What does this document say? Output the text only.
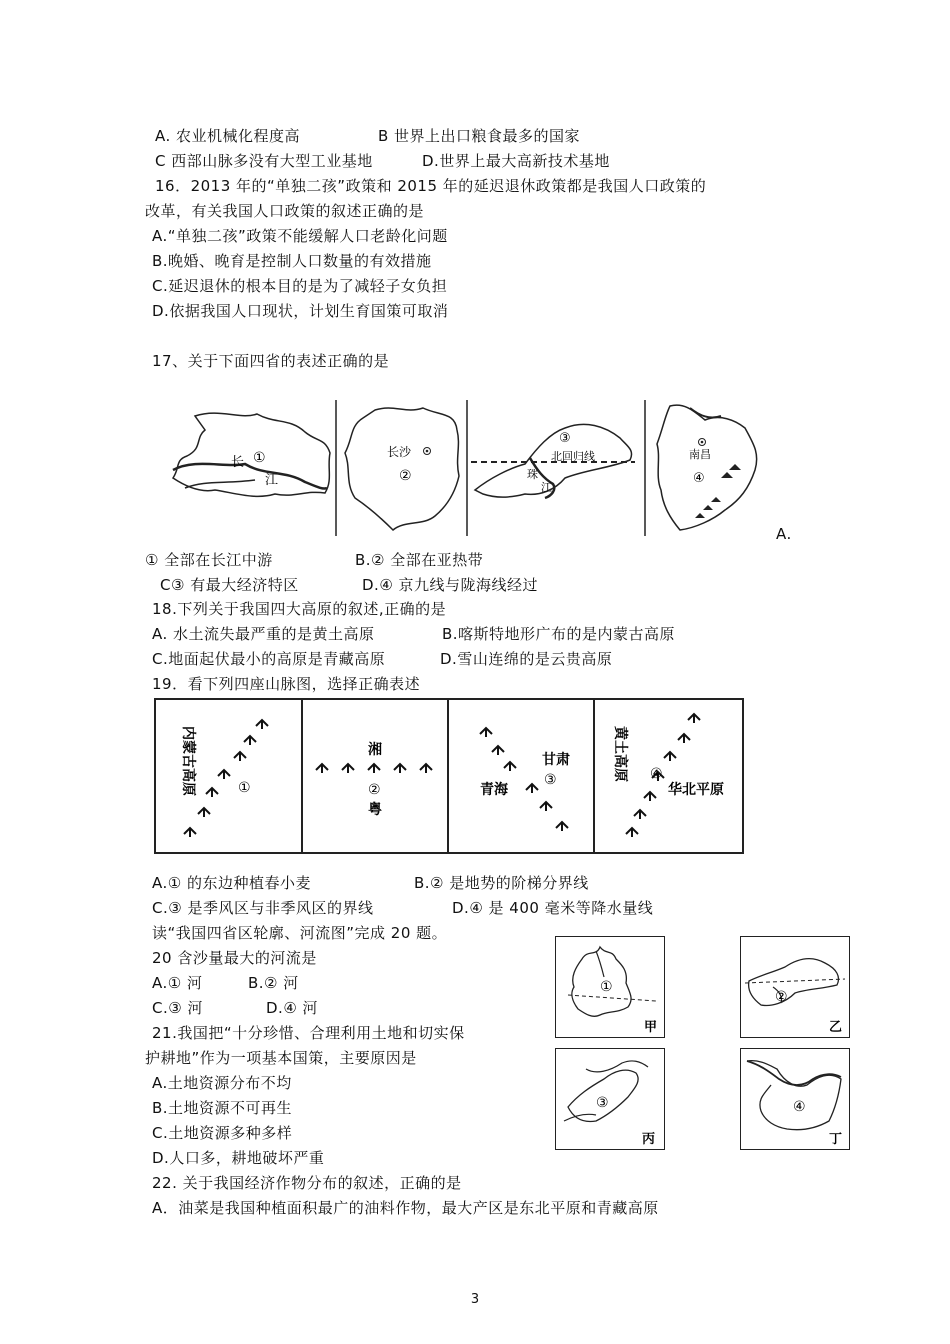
A. 农业机械化程度高	B 世界上出口粮食最多的国家
C 西部山脉多没有大型工业基地	D.世界上最大高新技术基地
16．2013 年的“单独二孩”政策和 2015 年的延迟退休政策都是我国人口政策的
改革，有关我国人口政策的叙述正确的是
A.“单独二孩”政策不能缓解人口老龄化问题
B.晚婚、晚育是控制人口数量的有效措施
C.延迟退休的根本目的是为了减轻子女负担
D.依据我国人口现状，计划生育国策可取消
17、关于下面四省的表述正确的是
长 ①
江
长沙
②
③
北回归线
珠
江
南昌
④
A.
① 全部在长江中游	B.② 全部在亚热带
C③ 有最大经济特区	D.④ 京九线与陇海线经过
18.下列关于我国四大高原的叙述,正确的是
A. 水土流失最严重的是黄土高原	B.喀斯特地形广布的是内蒙古高原
C.地面起伏最小的高原是青藏高原	D.雪山连绵的是云贵高原
19．看下列四座山脉图，选择正确表述
内蒙古高原	①
湘
②
粤
甘肃
③
青海
黄土高原 ④
华北平原
A.① 的东边种植春小麦	B.② 是地势的阶梯分界线
C.③ 是季风区与非季风区的界线	D.④ 是 400 毫米等降水量线
读“我国四省区轮廓、河流图”完成 20 题。
20 含沙量最大的河流是
A.① 河	B.② 河
C.③ 河	D.④ 河
21.我国把“十分珍惜、合理利用土地和切实保
护耕地”作为一项基本国策，主要原因是
A.土地资源分布不均
B.土地资源不可再生
C.土地资源多种多样
D.人口多，耕地破坏严重
22. 关于我国经济作物分布的叙述，正确的是
A．油菜是我国种植面积最广的油料作物，最大产区是东北平原和青藏高原
①
甲
②
乙
③
丙
④
丁
3
